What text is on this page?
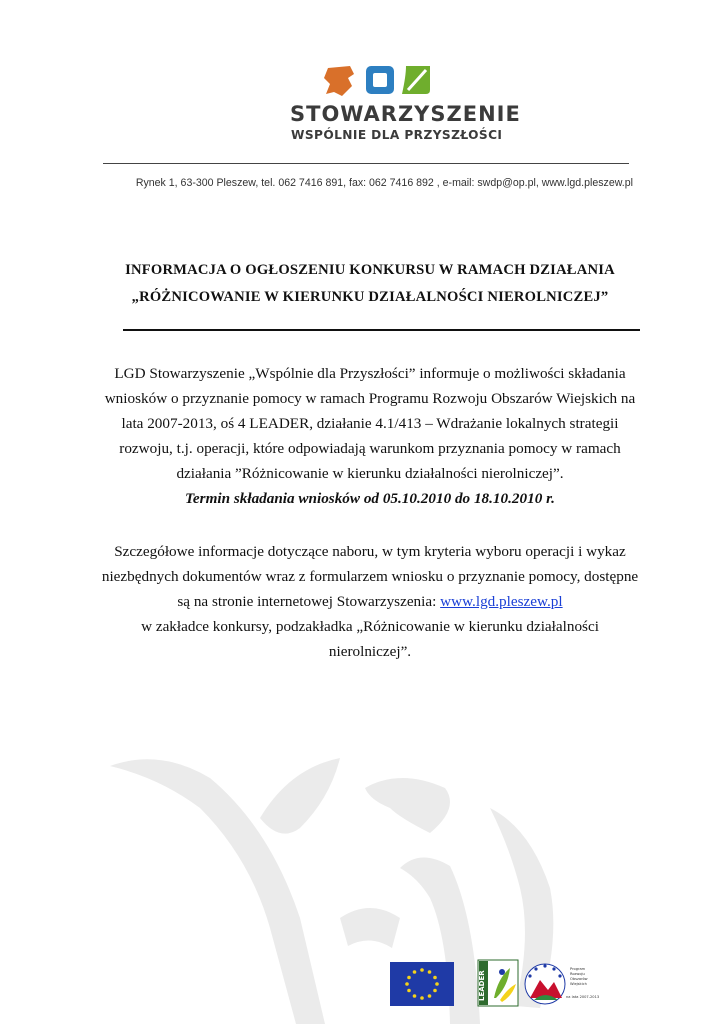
STOWARZYSZENIE
WSPÓLNIE DLA PRZYSZŁOŚCI
Rynek 1, 63-300 Pleszew, tel. 062 7416 891, fax: 062 7416 892 , e-mail: swdp@op.pl, www.lgd.pleszew.pl
INFORMACJA O OGŁOSZENIU KONKURSU W RAMACH DZIAŁANIA
„RÓŻNICOWANIE W KIERUNKU DZIAŁALNOŚCI NIEROLNICZEJ”
LGD Stowarzyszenie „Wspólnie dla Przyszłości” informuje o możliwości składania
wniosków o przyznanie pomocy w ramach Programu Rozwoju Obszarów Wiejskich na
lata 2007-2013, oś 4 LEADER, działanie 4.1/413 – Wdrażanie lokalnych strategii
rozwoju, t.j. operacji, które odpowiadają warunkom przyznania pomocy w ramach
działania ”Różnicowanie w kierunku działalności nierolniczej”.
Termin składania wniosków od 05.10.2010 do 18.10.2010 r.
Szczegółowe informacje dotyczące naboru, w tym kryteria wyboru operacji i wykaz
niezbędnych dokumentów wraz z formularzem wniosku o przyznanie pomocy, dostępne
są na stronie internetowej Stowarzyszenia: www.lgd.pleszew.pl
w zakładce konkursy, podzakładka „Różnicowanie w kierunku działalności
nierolniczej”.
LEADER
Program
Rozwoju
Obszarów
Wiejskich
na lata 2007-2013
